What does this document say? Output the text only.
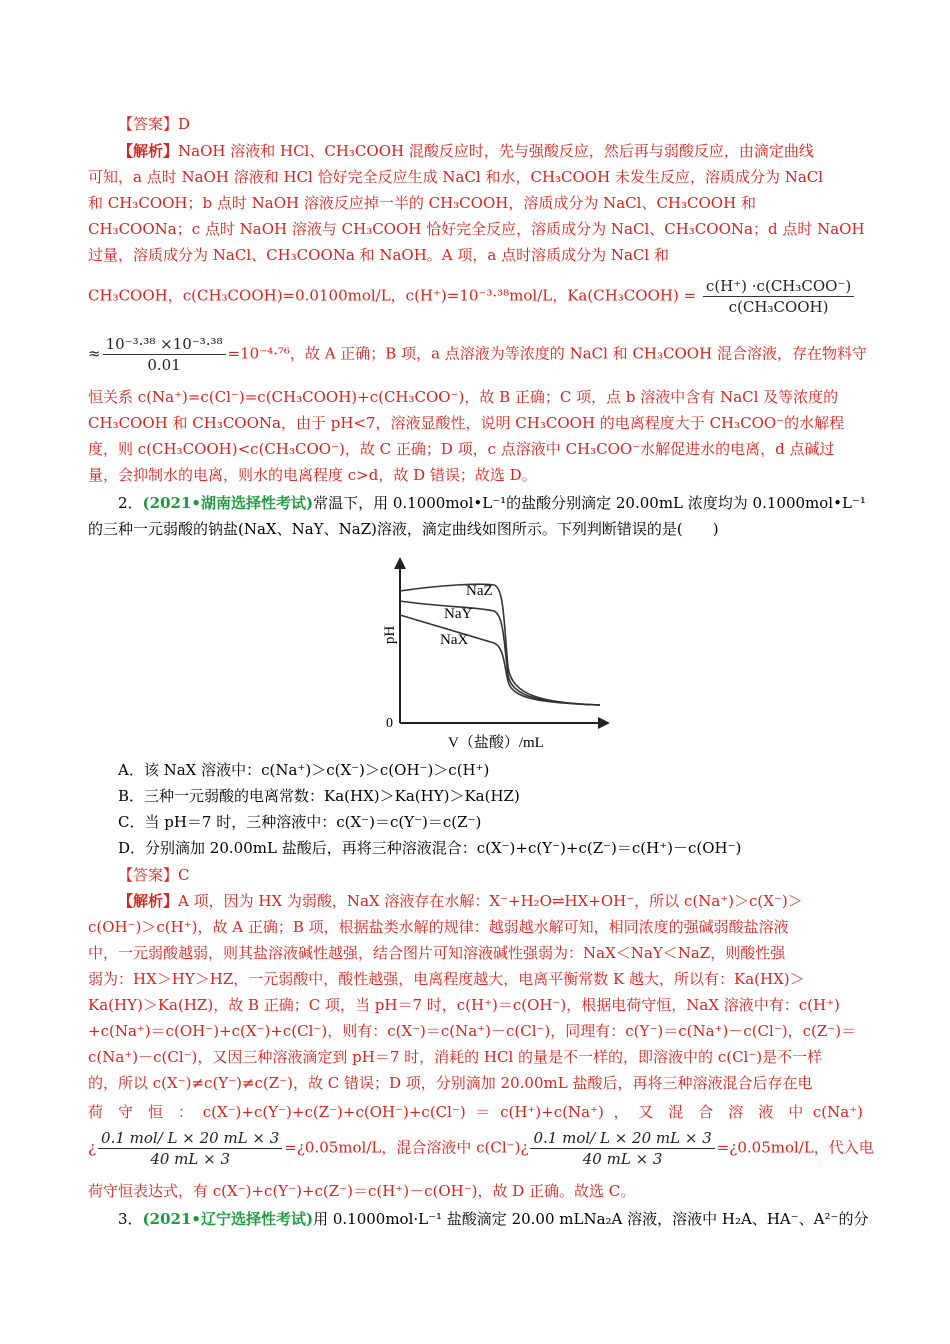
【答案】D
【解析】NaOH 溶液和 HCl、CH₃COOH 混酸反应时，先与强酸反应，然后再与弱酸反应，由滴定曲线
可知，a 点时 NaOH 溶液和 HCl 恰好完全反应生成 NaCl 和水，CH₃COOH 未发生反应，溶质成分为 NaCl
和 CH₃COOH；b 点时 NaOH 溶液反应掉一半的 CH₃COOH，溶质成分为 NaCl、CH₃COOH 和
CH₃COONa；c 点时 NaOH 溶液与 CH₃COOH 恰好完全反应，溶质成分为 NaCl、CH₃COONa；d 点时 NaOH
过量，溶质成分为 NaCl、CH₃COONa 和 NaOH。A 项，a 点时溶质成分为 NaCl 和
CH₃COOH，c(CH₃COOH)=0.0100mol/L，c(H⁺)=10⁻³·³⁸mol/L，Ka(CH₃COOH) = $\frac{\text{c(H⁺) ·c(CH₃COO⁻)}}{\text{c(CH₃COOH)}}$
≈ $\frac{\text{10⁻³·³⁸ ×10⁻³·³⁸}}{0.01} =10^{-4}\cdot^{76}$，故 A 正确；B 项，a 点溶液为等浓度的 NaCl 和 CH₃COOH 混合溶液，存在物料守
恒关系 c(Na⁺)=c(Cl⁻)=c(CH₃COOH)+c(CH₃COO⁻)，故 B 正确；C 项，点 b 溶液中含有 NaCl 及等浓度的
CH₃COOH 和 CH₃COONa，由于 pH<7，溶液显酸性，说明 CH₃COOH 的电离程度大于 CH₃COO⁻的水解程
度，则 c(CH₃COOH)<c(CH₃COO⁻)，故 C 正确；D 项，c 点溶液中 CH₃COO⁻水解促进水的电离，d 点碱过
量，会抑制水的电离，则水的电离程度 c>d，故 D 错误；故选 D。
2．(2021•湖南选择性考试)常温下，用 0.1000mol•L⁻¹的盐酸分别滴定 20.00mL 浓度均为 0.1000mol•L⁻¹
的三种一元弱酸的钠盐(NaX、NaY、NaZ)溶液，滴定曲线如图所示。下列判断错误的是(　　)
NaZ
NaY
NaX
pH
0
V（盐酸）/mL
A．该 NaX 溶液中：c(Na⁺)＞c(X⁻)＞c(OH⁻)＞c(H⁺)
B．三种一元弱酸的电离常数：Ka(HX)＞Ka(HY)＞Ka(HZ)
C．当 pH＝7 时，三种溶液中：c(X⁻)＝c(Y⁻)＝c(Z⁻)
D．分别滴加 20.00mL 盐酸后，再将三种溶液混合：c(X⁻)+c(Y⁻)+c(Z⁻)＝c(H⁺)－c(OH⁻)
【答案】C
【解析】A 项，因为 HX 为弱酸，NaX 溶液存在水解：X⁻+H₂O⇌HX+OH⁻，所以 c(Na⁺)＞c(X⁻)＞
c(OH⁻)＞c(H⁺)，故 A 正确；B 项，根据盐类水解的规律：越弱越水解可知，相同浓度的强碱弱酸盐溶液
中，一元弱酸越弱，则其盐溶液碱性越强，结合图片可知溶液碱性强弱为：NaX＜NaY＜NaZ，则酸性强
弱为：HX＞HY＞HZ，一元弱酸中，酸性越强，电离程度越大，电离平衡常数 K 越大，所以有：Ka(HX)＞
Ka(HY)＞Ka(HZ)，故 B 正确；C 项，当 pH＝7 时，c(H⁺)＝c(OH⁻)，根据电荷守恒，NaX 溶液中有：c(H⁺)
+c(Na⁺)＝c(OH⁻)+c(X⁻)+c(Cl⁻)，则有：c(X⁻)＝c(Na⁺)－c(Cl⁻)，同理有：c(Y⁻)＝c(Na⁺)－c(Cl⁻)，c(Z⁻)＝
c(Na⁺)－c(Cl⁻)，又因三种溶液滴定到 pH＝7 时，消耗的 HCl 的量是不一样的，即溶液中的 c(Cl⁻)是不一样
的，所以 c(X⁻)≠c(Y⁻)≠c(Z⁻)，故 C 错误；D 项，分别滴加 20.00mL 盐酸后，再将三种溶液混合后存在电
荷　守　恒　： c(X⁻)+c(Y⁻)+c(Z⁻)+c(OH⁻)+c(Cl⁻) ＝ c(H⁺)+c(Na⁺) ， 又　混　合　溶　液　中 c(Na⁺)
¿ $\frac{\text{0.1 mol/ L × 20 mL × 3}}{40 mL \times 3}$ =¿0.05mol/L，混合溶液中 c(Cl⁻)¿ $\frac{\text{0.1 mol/ L × 20 mL × 3}}{40 mL \times 3}$ =¿0.05mol/L，代入电
荷守恒表达式，有 c(X⁻)+c(Y⁻)+c(Z⁻)＝c(H⁺)－c(OH⁻)，故 D 正确。故选 C。
3．(2021•辽宁选择性考试)用 0.1000mol·L⁻¹ 盐酸滴定 20.00 mLNa₂A 溶液，溶液中 H₂A、HA⁻、A²⁻的分
